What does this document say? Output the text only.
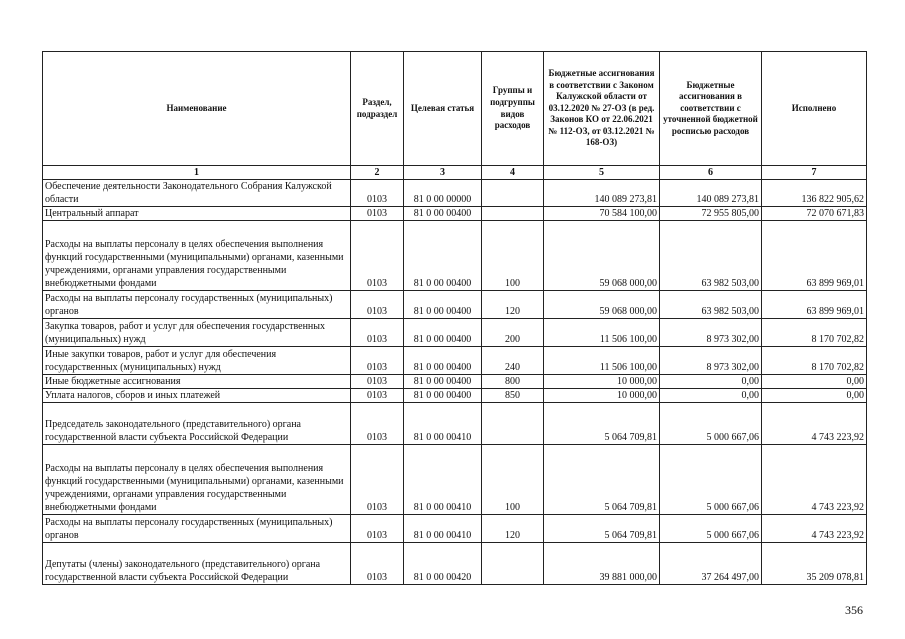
Наименование	Раздел, подраздел	Целевая статья	Группы и подгруппы видов расходов	Бюджетные ассигнования в соответствии с Законом Калужской области от 03.12.2020 № 27-ОЗ (в ред. Законов КО от 22.06.2021 № 112-ОЗ, от 03.12.2021 № 168-ОЗ)	Бюджетные ассигнования в соответствии с уточненной бюджетной росписью расходов	Исполнено
1	2	3	4	5	6	7
Обеспечение деятельности Законодательного Собрания Калужской области	0103	81 0 00 00000		140 089 273,81	140 089 273,81	136 822 905,62
Центральный аппарат	0103	81 0 00 00400		70 584 100,00	72 955 805,00	72 070 671,83
Расходы на выплаты персоналу в целях обеспечения выполнения функций государственными (муниципальными) органами, казенными учреждениями, органами управления государственными внебюджетными фондами	0103	81 0 00 00400	100	59 068 000,00	63 982 503,00	63 899 969,01
Расходы на выплаты персоналу государственных (муниципальных) органов	0103	81 0 00 00400	120	59 068 000,00	63 982 503,00	63 899 969,01
Закупка товаров, работ и услуг для обеспечения государственных (муниципальных) нужд	0103	81 0 00 00400	200	11 506 100,00	8 973 302,00	8 170 702,82
Иные закупки товаров, работ и услуг для обеспечения государственных (муниципальных) нужд	0103	81 0 00 00400	240	11 506 100,00	8 973 302,00	8 170 702,82
Иные бюджетные ассигнования	0103	81 0 00 00400	800	10 000,00	0,00	0,00
Уплата налогов, сборов и иных платежей	0103	81 0 00 00400	850	10 000,00	0,00	0,00
Председатель законодательного (представительного) органа государственной власти субъекта Российской Федерации	0103	81 0 00 00410		5 064 709,81	5 000 667,06	4 743 223,92
Расходы на выплаты персоналу в целях обеспечения выполнения функций государственными (муниципальными) органами, казенными учреждениями, органами управления государственными внебюджетными фондами	0103	81 0 00 00410	100	5 064 709,81	5 000 667,06	4 743 223,92
Расходы на выплаты персоналу государственных (муниципальных) органов	0103	81 0 00 00410	120	5 064 709,81	5 000 667,06	4 743 223,92
Депутаты (члены) законодательного (представительного) органа государственной власти субъекта Российской Федерации	0103	81 0 00 00420		39 881 000,00	37 264 497,00	35 209 078,81
356
